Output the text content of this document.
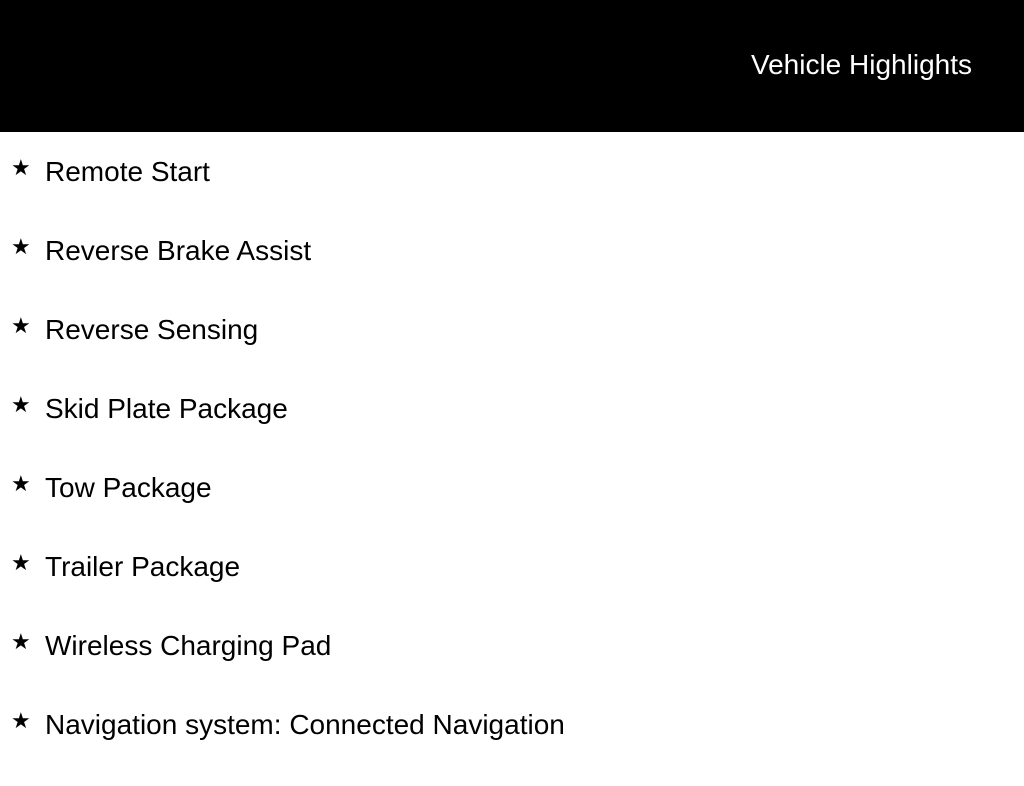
Vehicle Highlights
★ Remote Start
★ Reverse Brake Assist
★ Reverse Sensing
★ Skid Plate Package
★ Tow Package
★ Trailer Package
★ Wireless Charging Pad
★ Navigation system: Connected Navigation
